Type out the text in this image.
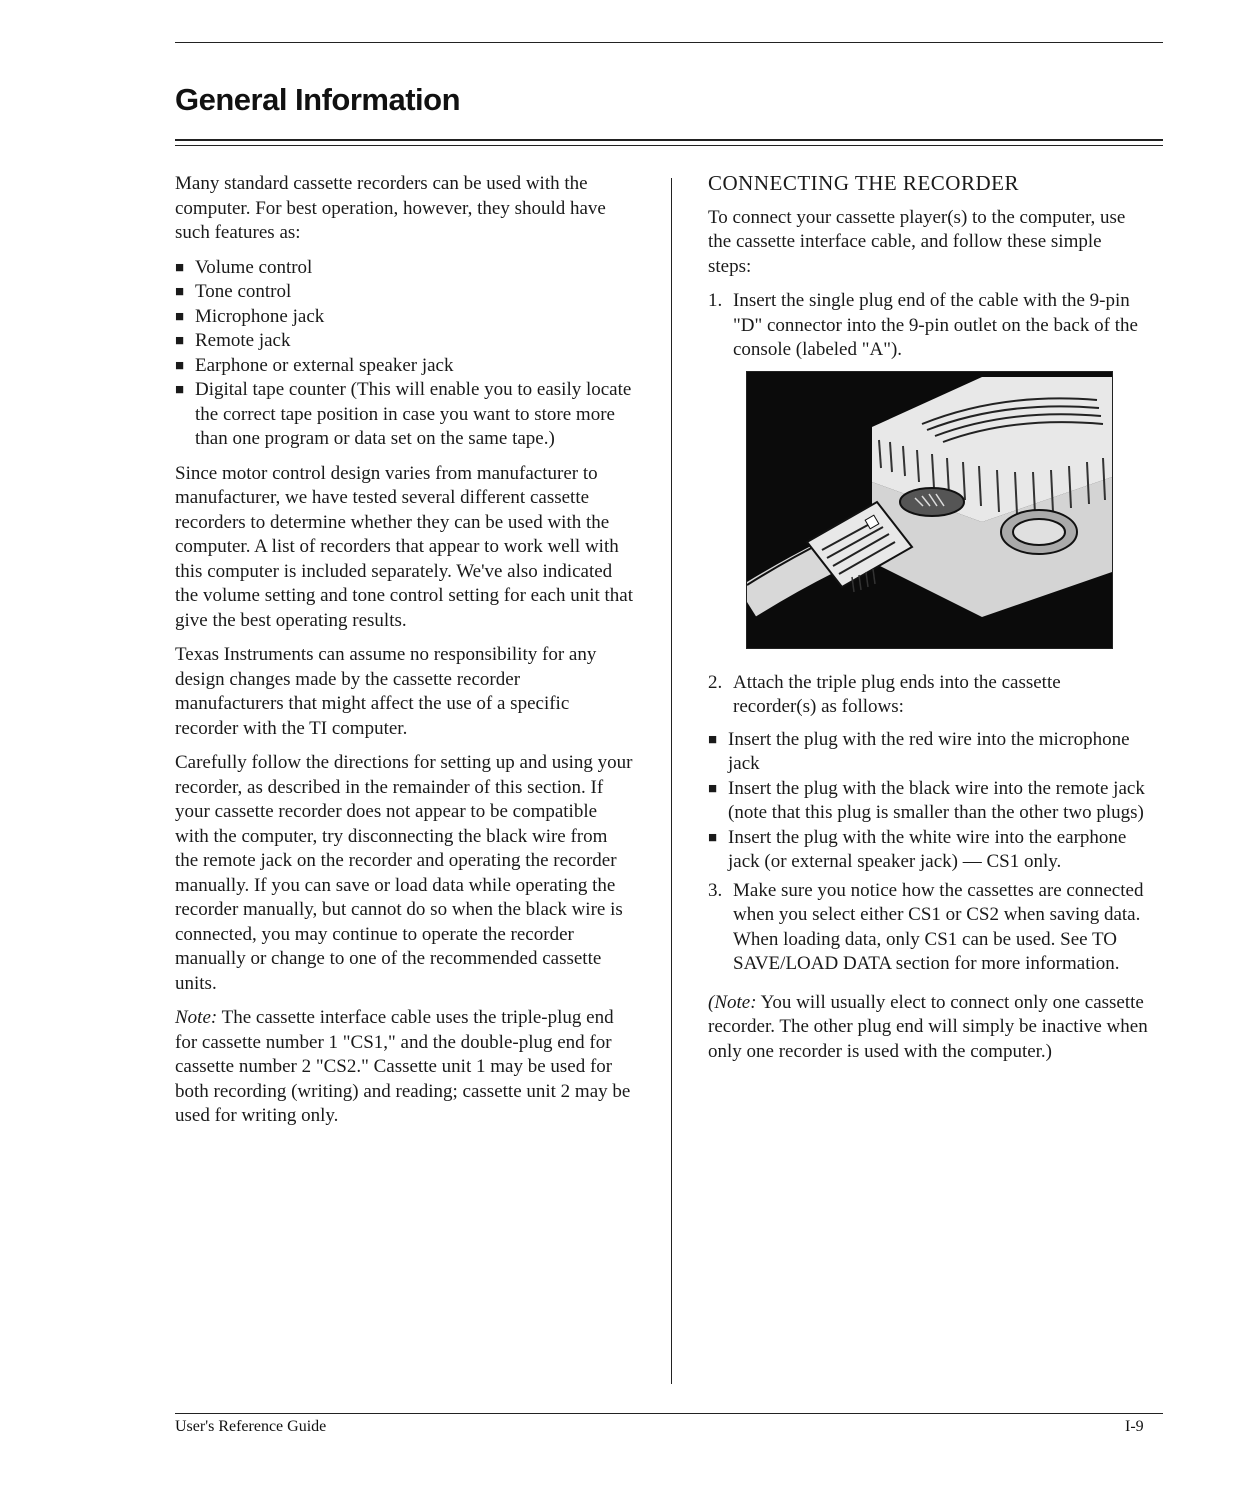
General Information

Many standard cassette recorders can be used with the computer. For best operation, however, they should have such features as:

■ Volume control
■ Tone control
■ Microphone jack
■ Remote jack
■ Earphone or external speaker jack
■ Digital tape counter (This will enable you to easily locate the correct tape position in case you want to store more than one program or data set on the same tape.)

Since motor control design varies from manufacturer to manufacturer, we have tested several different cassette recorders to determine whether they can be used with the computer. A list of recorders that appear to work well with this computer is included separately. We've also indicated the volume setting and tone control setting for each unit that give the best operating results.

Texas Instruments can assume no responsibility for any design changes made by the cassette recorder manufacturers that might affect the use of a specific recorder with the TI computer.

Carefully follow the directions for setting up and using your recorder, as described in the remainder of this section. If your cassette recorder does not appear to be compatible with the computer, try disconnecting the black wire from the remote jack on the recorder and operating the recorder manually. If you can save or load data while operating the recorder manually, but cannot do so when the black wire is connected, you may continue to operate the recorder manually or change to one of the recommended cassette units.

Note: The cassette interface cable uses the triple-plug end for cassette number 1 "CS1," and the double-plug end for cassette number 2 "CS2." Cassette unit 1 may be used for both recording (writing) and reading; cassette unit 2 may be used for writing only.

CONNECTING THE RECORDER

To connect your cassette player(s) to the computer, use the cassette interface cable, and follow these simple steps:

1. Insert the single plug end of the cable with the 9-pin "D" connector into the 9-pin outlet on the back of the console (labeled "A").
2. Attach the triple plug ends into the cassette recorder(s) as follows:
■ Insert the plug with the red wire into the microphone jack
■ Insert the plug with the black wire into the remote jack (note that this plug is smaller than the other two plugs)
■ Insert the plug with the white wire into the earphone jack (or external speaker jack) — CS1 only.
3. Make sure you notice how the cassettes are connected when you select either CS1 or CS2 when saving data. When loading data, only CS1 can be used. See TO SAVE/LOAD DATA section for more information.

(Note: You will usually elect to connect only one cassette recorder. The other plug end will simply be inactive when only one recorder is used with the computer.)

User's Reference Guide	I-9
